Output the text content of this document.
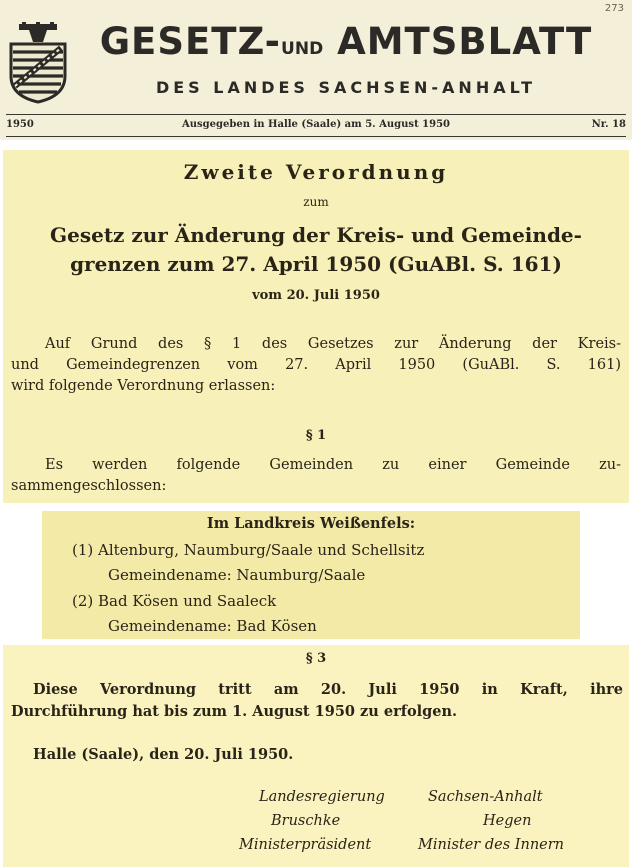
273
GESETZ-UND AMTSBLATT
DES LANDES SACHSEN-ANHALT
1950	Ausgegeben in Halle (Saale) am 5. August 1950	Nr. 18
Zweite Verordnung
zum
Gesetz zur Änderung der Kreis- und Gemeinde-
grenzen zum 27. April 1950 (GuABl. S. 161)
vom 20. Juli 1950
Auf Grund des § 1 des Gesetzes zur Änderung der Kreis-
und Gemeindegrenzen vom 27. April 1950 (GuABl. S. 161)
wird folgende Verordnung erlassen:
§ 1
Es werden folgende Gemeinden zu einer Gemeinde zu-
sammengeschlossen:
Im Landkreis Weißenfels:
(1) Altenburg, Naumburg/Saale und Schellsitz
Gemeindename: Naumburg/Saale
(2) Bad Kösen und Saaleck
Gemeindename: Bad Kösen
§ 3
Diese Verordnung tritt am 20. Juli 1950 in Kraft, ihre
Durchführung hat bis zum 1. August 1950 zu erfolgen.
Halle (Saale), den 20. Juli 1950.
Landesregierung	Sachsen-Anhalt
Bruschke	Hegen
Ministerpräsident	Minister des Innern
